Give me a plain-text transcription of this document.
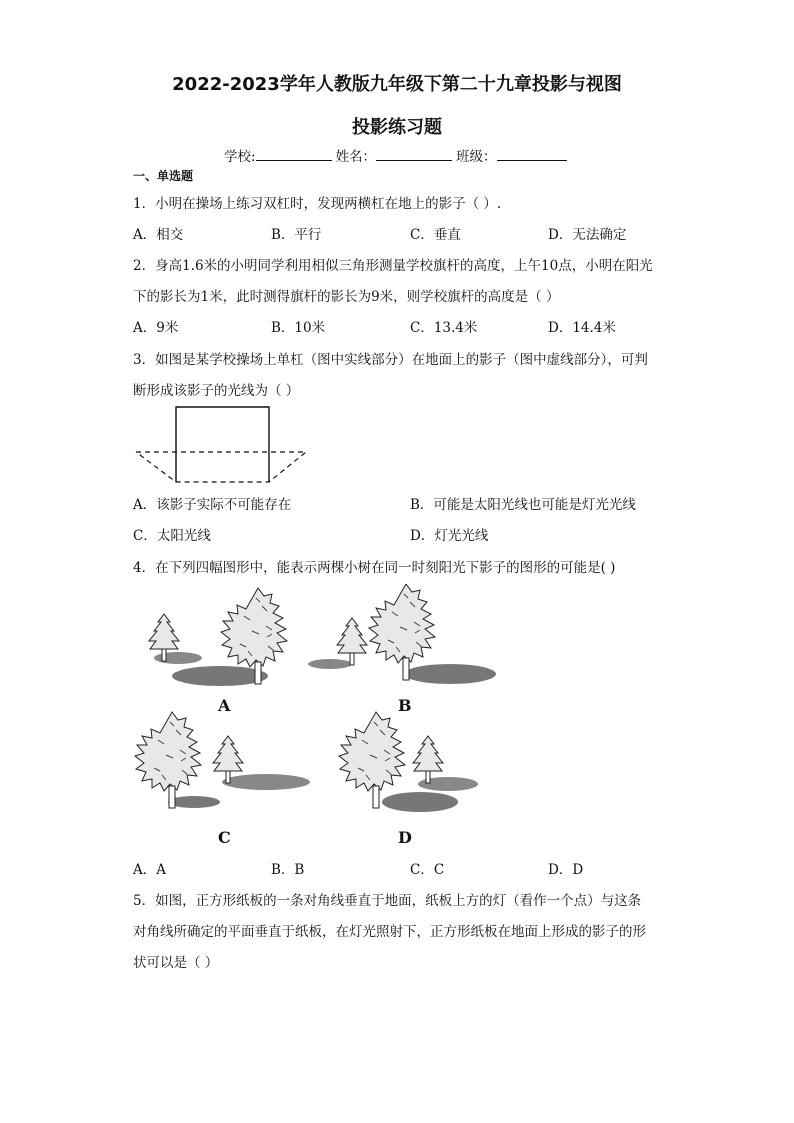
2022-2023学年人教版九年级下第二十九章投影与视图
投影练习题
学校:	姓名：	班级：
一、单选题
1．小明在操场上练习双杠时，发现两横杠在地上的影子（ ）.
A．相交	B．平行	C．垂直	D．无法确定
2．身高1.6米的小明同学利用相似三角形测量学校旗杆的高度，上午10点，小明在阳光
下的影长为1米，此时测得旗杆的影长为9米，则学校旗杆的高度是（ ）
A．9米	B．10米	C．13.4米	D．14.4米
3．如图是某学校操场上单杠（图中实线部分）在地面上的影子（图中虚线部分），可判
断形成该影子的光线为（ ）
A．该影子实际不可能存在	B．可能是太阳光线也可能是灯光光线
C．太阳光线	D．灯光光线
4．在下列四幅图形中，能表示两棵小树在同一时刻阳光下影子的图形的可能是( )
A	B
C	D
A．A	B．B	C．C	D．D
5．如图，正方形纸板的一条对角线垂直于地面，纸板上方的灯（看作一个点）与这条
对角线所确定的平面垂直于纸板，在灯光照射下，正方形纸板在地面上形成的影子的形
状可以是（ ）
